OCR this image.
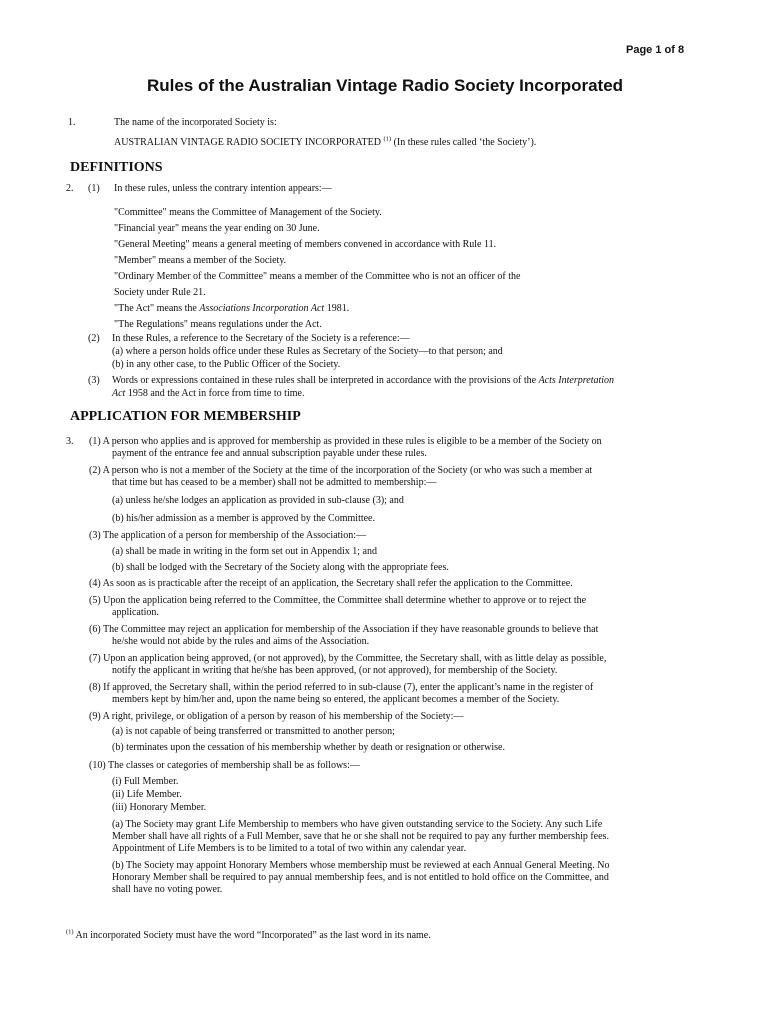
Page 1 of 8
Rules of the Australian Vintage Radio Society Incorporated
1.	The name of the incorporated Society is:
AUSTRALIAN VINTAGE RADIO SOCIETY INCORPORATED $^{(1)}$ (In these rules called ‘the Society’).
DEFINITIONS
2. (1) In these rules, unless the contrary intention appears:—
"Committee" means the Committee of Management of the Society.
"Financial year" means the year ending on 30 June.
"General Meeting" means a general meeting of members convened in accordance with Rule 11.
"Member" means a member of the Society.
"Ordinary Member of the Committee" means a member of the Committee who is not an officer of the
Society under Rule 21.
"The Act" means the Associations Incorporation Act 1981.
"The Regulations" means regulations under the Act.
(2) In these Rules, a reference to the Secretary of the Society is a reference:—
(a) where a person holds office under these Rules as Secretary of the Society—to that person; and
(b) in any other case, to the Public Officer of the Society.
(3) Words or expressions contained in these rules shall be interpreted in accordance with the provisions of the Acts Interpretation
Act 1958 and the Act in force from time to time.
APPLICATION FOR MEMBERSHIP
3. (1) A person who applies and is approved for membership as provided in these rules is eligible to be a member of the Society on
payment of the entrance fee and annual subscription payable under these rules.
(2) A person who is not a member of the Society at the time of the incorporation of the Society (or who was such a member at
that time but has ceased to be a member) shall not be admitted to membership:—
(a) unless he/she lodges an application as provided in sub-clause (3); and
(b) his/her admission as a member is approved by the Committee.
(3) The application of a person for membership of the Association:—
(a) shall be made in writing in the form set out in Appendix 1; and
(b) shall be lodged with the Secretary of the Society along with the appropriate fees.
(4) As soon as is practicable after the receipt of an application, the Secretary shall refer the application to the Committee.
(5) Upon the application being referred to the Committee, the Committee shall determine whether to approve or to reject the
application.
(6) The Committee may reject an application for membership of the Association if they have reasonable grounds to believe that
he/she would not abide by the rules and aims of the Association.
(7) Upon an application being approved, (or not approved), by the Committee, the Secretary shall, with as little delay as possible,
notify the applicant in writing that he/she has been approved, (or not approved), for membership of the Society.
(8) If approved, the Secretary shall, within the period referred to in sub-clause (7), enter the applicant’s name in the register of
members kept by him/her and, upon the name being so entered, the applicant becomes a member of the Society.
(9) A right, privilege, or obligation of a person by reason of his membership of the Society:—
(a) is not capable of being transferred or transmitted to another person;
(b) terminates upon the cessation of his membership whether by death or resignation or otherwise.
(10) The classes or categories of membership shall be as follows:—
(i) Full Member.
(ii) Life Member.
(iii) Honorary Member.
(a) The Society may grant Life Membership to members who have given outstanding service to the Society. Any such Life
Member shall have all rights of a Full Member, save that he or she shall not be required to pay any further membership fees.
Appointment of Life Members is to be limited to a total of two within any calendar year.
(b) The Society may appoint Honorary Members whose membership must be reviewed at each Annual General Meeting. No
Honorary Member shall be required to pay annual membership fees, and is not entitled to hold office on the Committee, and
shall have no voting power.
$^{(1)}$ An incorporated Society must have the word “Incorporated” as the last word in its name.
